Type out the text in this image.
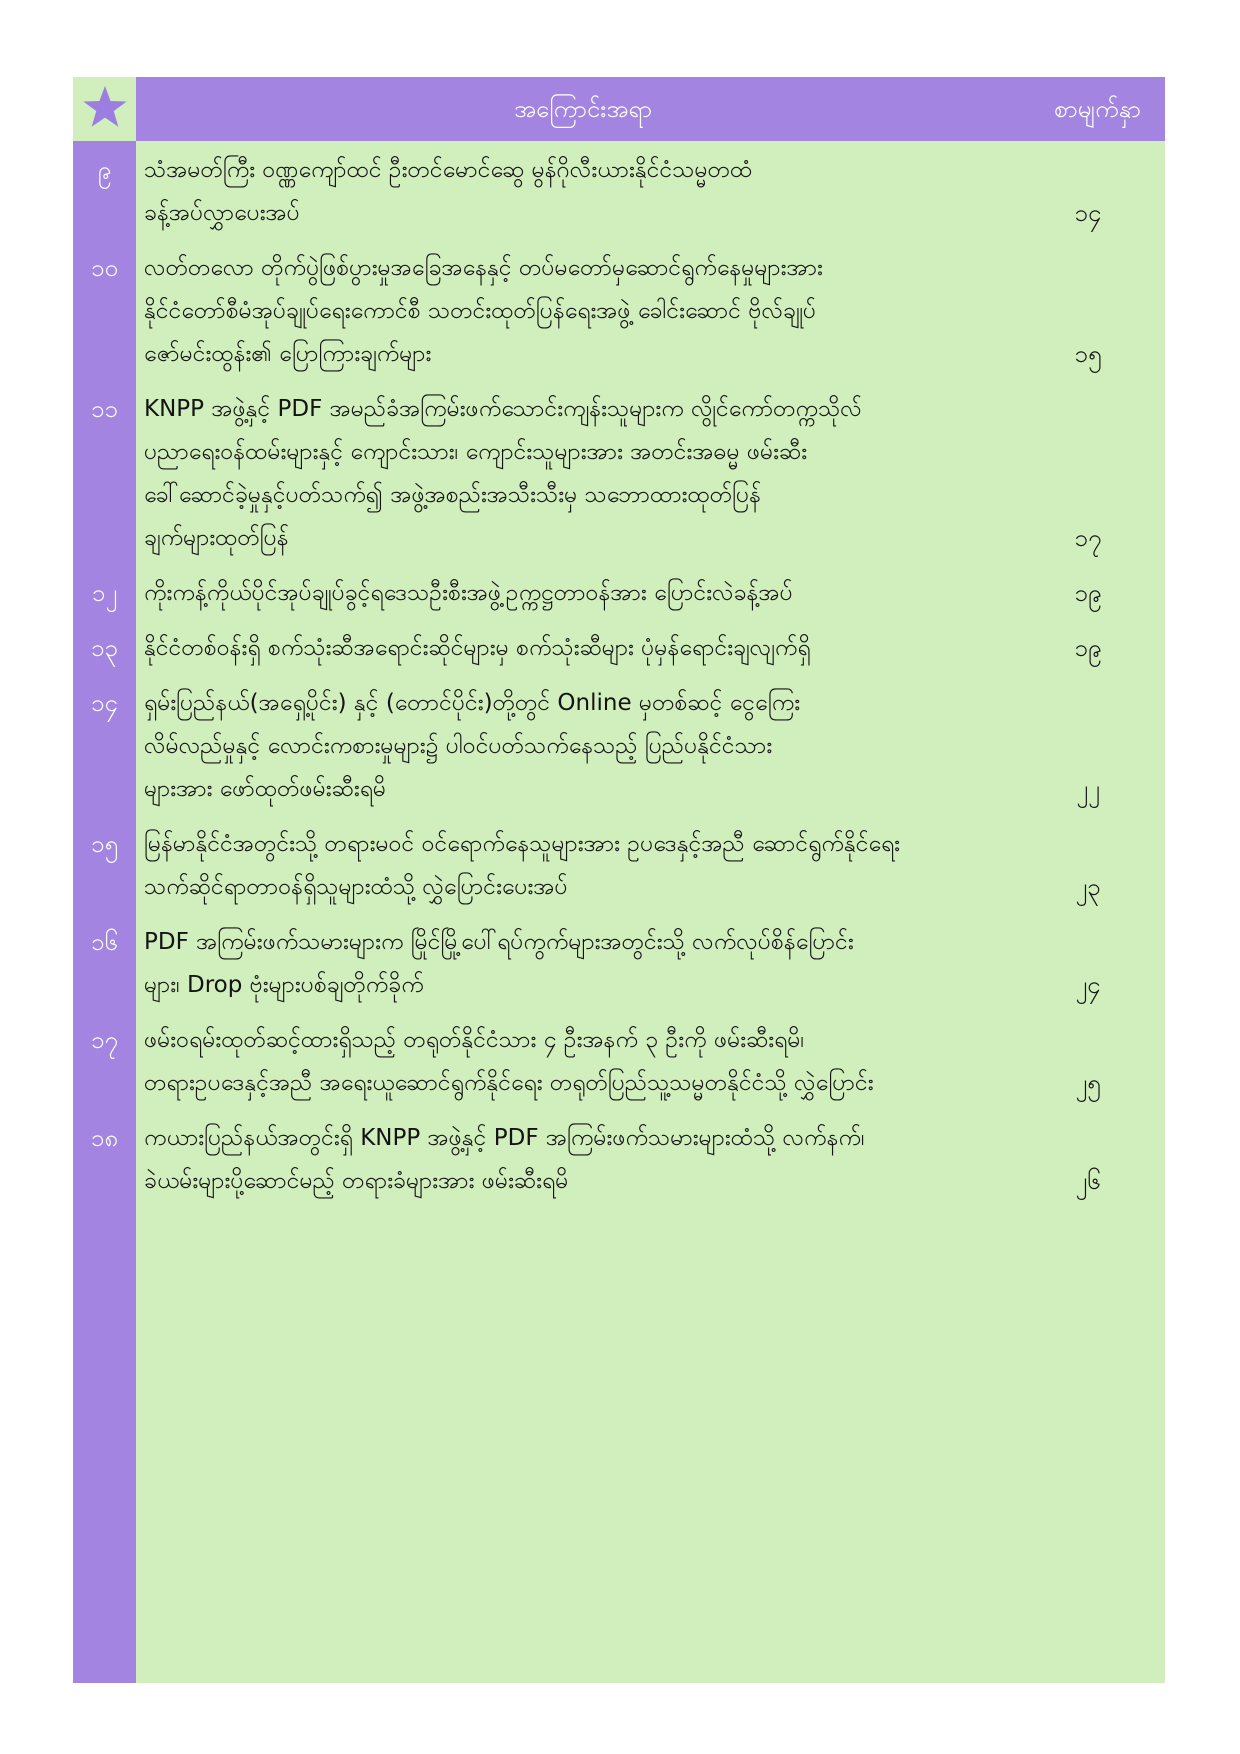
အကြောင်းအရာ	စာမျက်နှာ
၉	သံအမတ်ကြီး ဝဏ္ဏကျော်ထင် ဦးတင်မောင်ဆွေ မွန်ဂိုလီးယားနိုင်ငံသမ္မတထံ
ခန့်အပ်လွှာပေးအပ်	၁၄
၁၀	လတ်တလော တိုက်ပွဲဖြစ်ပွားမှုအခြေအနေနှင့် တပ်မတော်မှဆောင်ရွက်နေမှုများအား
နိုင်ငံတော်စီမံအုပ်ချုပ်ရေးကောင်စီ သတင်းထုတ်ပြန်ရေးအဖွဲ့ ခေါင်းဆောင် ဗိုလ်ချုပ်
ဇော်မင်းထွန်း၏ ပြောကြားချက်များ	၁၅
၁၁	KNPP အဖွဲ့နှင့် PDF အမည်ခံအကြမ်းဖက်သောင်းကျန်းသူများက လွိုင်ကော်တက္ကသိုလ်
ပညာရေးဝန်ထမ်းများနှင့် ကျောင်းသား၊ ကျောင်းသူများအား အတင်းအဓမ္မ ဖမ်းဆီး
ခေါ်ဆောင်ခဲ့မှုနှင့်ပတ်သက်၍ အဖွဲ့အစည်းအသီးသီးမှ သဘောထားထုတ်ပြန်
ချက်များထုတ်ပြန်	၁၇
၁၂	ကိုးကန့်ကိုယ်ပိုင်အုပ်ချုပ်ခွင့်ရဒေသဦးစီးအဖွဲ့ဥက္ကဋ္ဌတာဝန်အား ပြောင်းလဲခန့်အပ်	၁၉
၁၃	နိုင်ငံတစ်ဝန်းရှိ စက်သုံးဆီအရောင်းဆိုင်များမှ စက်သုံးဆီများ ပုံမှန်ရောင်းချလျက်ရှိ	၁၉
၁၄	ရှမ်းပြည်နယ်(အရှေ့ပိုင်း) နှင့် (တောင်ပိုင်း)တို့တွင် Online မှတစ်ဆင့် ငွေကြေး
လိမ်လည်မှုနှင့် လောင်းကစားမှုများ၌ ပါဝင်ပတ်သက်နေသည့် ပြည်ပနိုင်ငံသား
များအား ဖော်ထုတ်ဖမ်းဆီးရမိ	၂၂
၁၅	မြန်မာနိုင်ငံအတွင်းသို့ တရားမဝင် ဝင်ရောက်နေသူများအား ဥပဒေနှင့်အညီ ဆောင်ရွက်နိုင်ရေး
သက်ဆိုင်ရာတာဝန်ရှိသူများထံသို့ လွှဲပြောင်းပေးအပ်	၂၃
၁၆	PDF အကြမ်းဖက်သမားများက မြိုင်မြို့ပေါ်ရပ်ကွက်များအတွင်းသို့ လက်လုပ်စိန်ပြောင်း
များ၊ Drop ဗုံးများပစ်ချတိုက်ခိုက်	၂၄
၁၇	ဖမ်းဝရမ်းထုတ်ဆင့်ထားရှိသည့် တရုတ်နိုင်ငံသား ၄ ဦးအနက် ၃ ဦးကို ဖမ်းဆီးရမိ၊
တရားဥပဒေနှင့်အညီ အရေးယူဆောင်ရွက်နိုင်ရေး တရုတ်ပြည်သူ့သမ္မတနိုင်ငံသို့ လွှဲပြောင်း	၂၅
၁၈	ကယားပြည်နယ်အတွင်းရှိ KNPP အဖွဲ့နှင့် PDF အကြမ်းဖက်သမားများထံသို့ လက်နက်၊
ခဲယမ်းများပို့ဆောင်မည့် တရားခံများအား ဖမ်းဆီးရမိ	၂၆
